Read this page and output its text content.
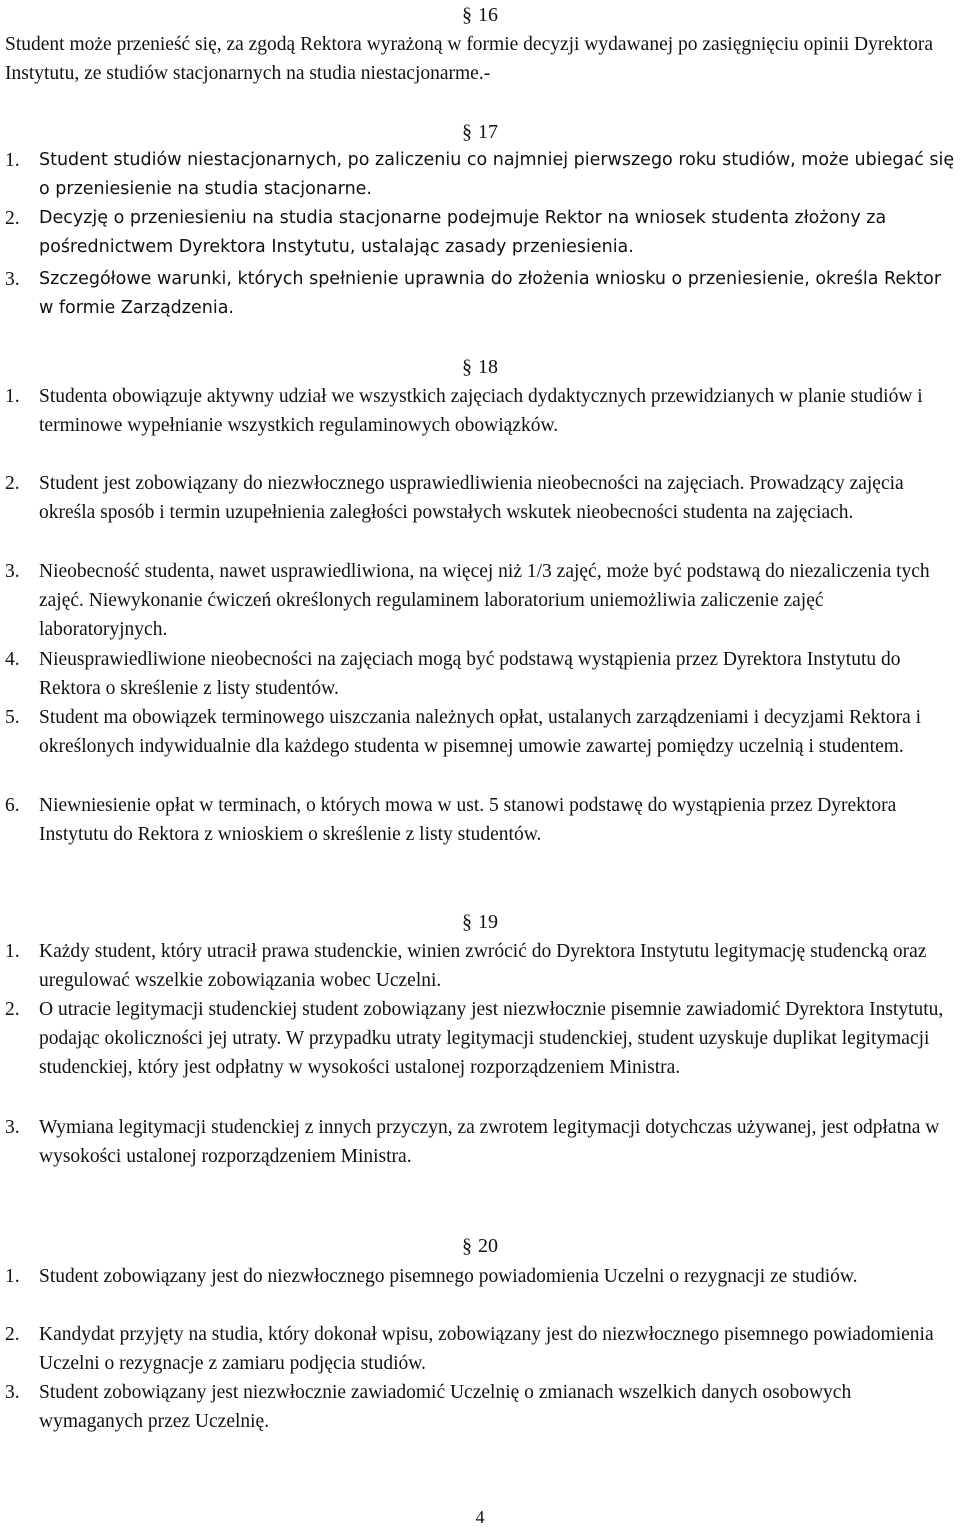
§ 16
Student może przenieść się, za zgodą Rektora wyrażoną w formie decyzji wydawanej po zasięgnięciu opinii Dyrektora Instytutu, ze studiów stacjonarnych na studia niestacjonarme.-
§ 17
1.	Student studiów niestacjonarnych, po zaliczeniu co najmniej pierwszego roku studiów, może ubiegać się o przeniesienie na studia stacjonarne.
2.	Decyzję o przeniesieniu na studia stacjonarne podejmuje Rektor na wniosek studenta złożony za pośrednictwem Dyrektora Instytutu, ustalając zasady przeniesienia.
3.	Szczegółowe warunki, których spełnienie uprawnia do złożenia wniosku o przeniesienie, określa Rektor w formie Zarządzenia.
§ 18
1. Studenta obowiązuje aktywny udział we wszystkich zajęciach dydaktycznych przewidzianych w planie studiów i terminowe wypełnianie wszystkich regulaminowych obowiązków.
2. Student jest zobowiązany do niezwłocznego usprawiedliwienia nieobecności na zajęciach. Prowadzący zajęcia określa sposób i termin uzupełnienia zaległości powstałych wskutek nieobecności studenta na zajęciach.
3. Nieobecność studenta, nawet usprawiedliwiona, na więcej niż 1/3 zajęć, może być podstawą do niezaliczenia tych zajęć. Niewykonanie ćwiczeń określonych regulaminem laboratorium uniemożliwia zaliczenie zajęć laboratoryjnych.
4. Nieusprawiedliwione nieobecności na zajęciach mogą być podstawą wystąpienia przez Dyrektora Instytutu do Rektora o skreślenie z listy studentów.
5. Student ma obowiązek terminowego uiszczania należnych opłat, ustalanych zarządzeniami i decyzjami Rektora i określonych indywidualnie dla każdego studenta w pisemnej umowie zawartej pomiędzy uczelnią i studentem.
6. Niewniesienie opłat w terminach, o których mowa w ust. 5 stanowi podstawę do wystąpienia przez Dyrektora Instytutu do Rektora z wnioskiem o skreślenie z listy studentów.
§ 19
1. Każdy student, który utracił prawa studenckie, winien zwrócić do Dyrektora Instytutu legitymację studencką oraz uregulować wszelkie zobowiązania wobec Uczelni.
2. O utracie legitymacji studenckiej student zobowiązany jest niezwłocznie pisemnie zawiadomić Dyrektora Instytutu, podając okoliczności jej utraty. W przypadku utraty legitymacji studenckiej, student uzyskuje duplikat legitymacji studenckiej, który jest odpłatny w wysokości ustalonej rozporządzeniem Ministra.
3. Wymiana legitymacji studenckiej z innych przyczyn, za zwrotem legitymacji dotychczas używanej, jest odpłatna w wysokości ustalonej rozporządzeniem Ministra.
§ 20
1. Student zobowiązany jest do niezwłocznego pisemnego powiadomienia Uczelni o rezygnacji ze studiów.
2. Kandydat przyjęty na studia, który dokonał wpisu, zobowiązany jest do niezwłocznego pisemnego powiadomienia Uczelni o rezygnacje z zamiaru podjęcia studiów.
3. Student zobowiązany jest niezwłocznie zawiadomić Uczelnię o zmianach wszelkich danych osobowych wymaganych przez Uczelnię.
4
